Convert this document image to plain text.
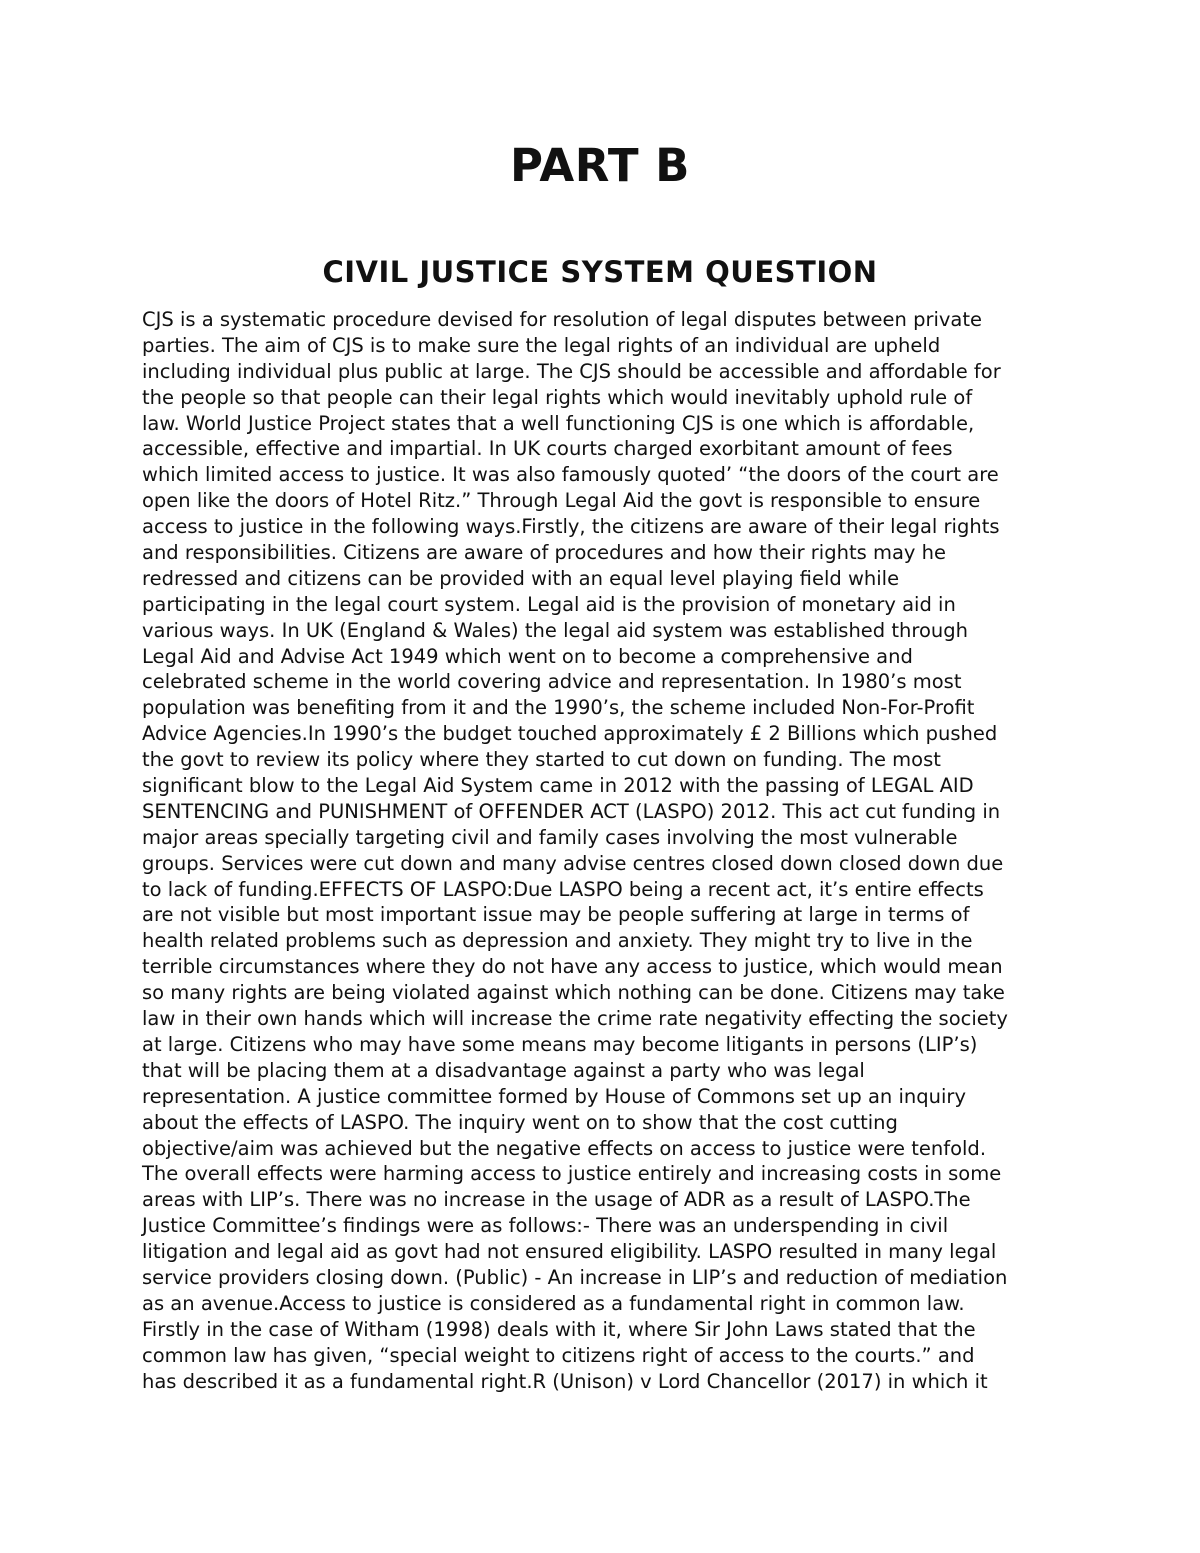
PART B
CIVIL JUSTICE SYSTEM QUESTION
CJS is a systematic procedure devised for resolution of legal disputes between private
parties. The aim of CJS is to make sure the legal rights of an individual are upheld
including individual plus public at large. The CJS should be accessible and affordable for
the people so that people can their legal rights which would inevitably uphold rule of
law. World Justice Project states that a well functioning CJS is one which is affordable,
accessible, effective and impartial. In UK courts charged exorbitant amount of fees
which limited access to justice. It was also famously quoted’ “the doors of the court are
open like the doors of Hotel Ritz.” Through Legal Aid the govt is responsible to ensure
access to justice in the following ways.Firstly, the citizens are aware of their legal rights
and responsibilities. Citizens are aware of procedures and how their rights may he
redressed and citizens can be provided with an equal level playing field while
participating in the legal court system. Legal aid is the provision of monetary aid in
various ways. In UK (England & Wales) the legal aid system was established through
Legal Aid and Advise Act 1949 which went on to become a comprehensive and
celebrated scheme in the world covering advice and representation. In 1980’s most
population was benefiting from it and the 1990’s, the scheme included Non-For-Profit
Advice Agencies.In 1990’s the budget touched approximately £ 2 Billions which pushed
the govt to review its policy where they started to cut down on funding. The most
significant blow to the Legal Aid System came in 2012 with the passing of LEGAL AID
SENTENCING and PUNISHMENT of OFFENDER ACT (LASPO) 2012. This act cut funding in
major areas specially targeting civil and family cases involving the most vulnerable
groups. Services were cut down and many advise centres closed down closed down due
to lack of funding.EFFECTS OF LASPO:Due LASPO being a recent act, it’s entire effects
are not visible but most important issue may be people suffering at large in terms of
health related problems such as depression and anxiety. They might try to live in the
terrible circumstances where they do not have any access to justice, which would mean
so many rights are being violated against which nothing can be done. Citizens may take
law in their own hands which will increase the crime rate negativity effecting the society
at large. Citizens who may have some means may become litigants in persons (LIP’s)
that will be placing them at a disadvantage against a party who was legal
representation. A justice committee formed by House of Commons set up an inquiry
about the effects of LASPO. The inquiry went on to show that the cost cutting
objective/aim was achieved but the negative effects on access to justice were tenfold.
The overall effects were harming access to justice entirely and increasing costs in some
areas with LIP’s. There was no increase in the usage of ADR as a result of LASPO.The
Justice Committee’s findings were as follows:- There was an underspending in civil
litigation and legal aid as govt had not ensured eligibility. LASPO resulted in many legal
service providers closing down. (Public) - An increase in LIP’s and reduction of mediation
as an avenue.Access to justice is considered as a fundamental right in common law.
Firstly in the case of Witham (1998) deals with it, where Sir John Laws stated that the
common law has given, “special weight to citizens right of access to the courts.” and
has described it as a fundamental right.R (Unison) v Lord Chancellor (2017) in which it
